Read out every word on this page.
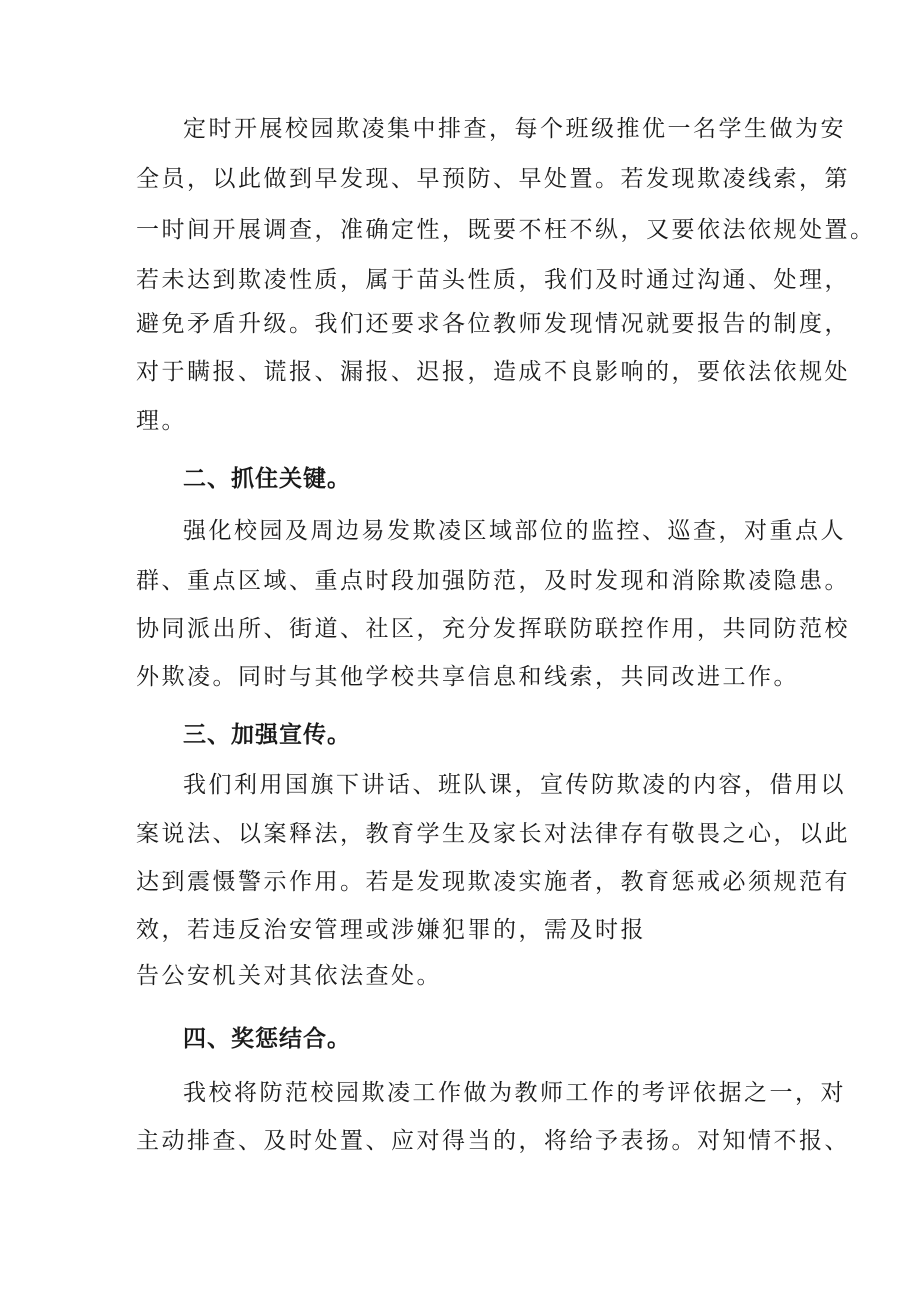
定时开展校园欺凌集中排查，每个班级推优一名学生做为安
全员，以此做到早发现、早预防、早处置。若发现欺凌线索，第
一时间开展调查，准确定性，既要不枉不纵，又要依法依规处置。
若未达到欺凌性质，属于苗头性质，我们及时通过沟通、处理，
避免矛盾升级。我们还要求各位教师发现情况就要报告的制度，
对于瞒报、谎报、漏报、迟报，造成不良影响的，要依法依规处
理。
二、抓住关键。
强化校园及周边易发欺凌区域部位的监控、巡查，对重点人
群、重点区域、重点时段加强防范，及时发现和消除欺凌隐患。
协同派出所、街道、社区，充分发挥联防联控作用，共同防范校
外欺凌。同时与其他学校共享信息和线索，共同改进工作。
三、加强宣传。
我们利用国旗下讲话、班队课，宣传防欺凌的内容，借用以
案说法、以案释法，教育学生及家长对法律存有敬畏之心，以此
达到震慑警示作用。若是发现欺凌实施者，教育惩戒必须规范有
效，若违反治安管理或涉嫌犯罪的，需及时报
告公安机关对其依法查处。
四、奖惩结合。
我校将防范校园欺凌工作做为教师工作的考评依据之一，对
主动排查、及时处置、应对得当的，将给予表扬。对知情不报、
